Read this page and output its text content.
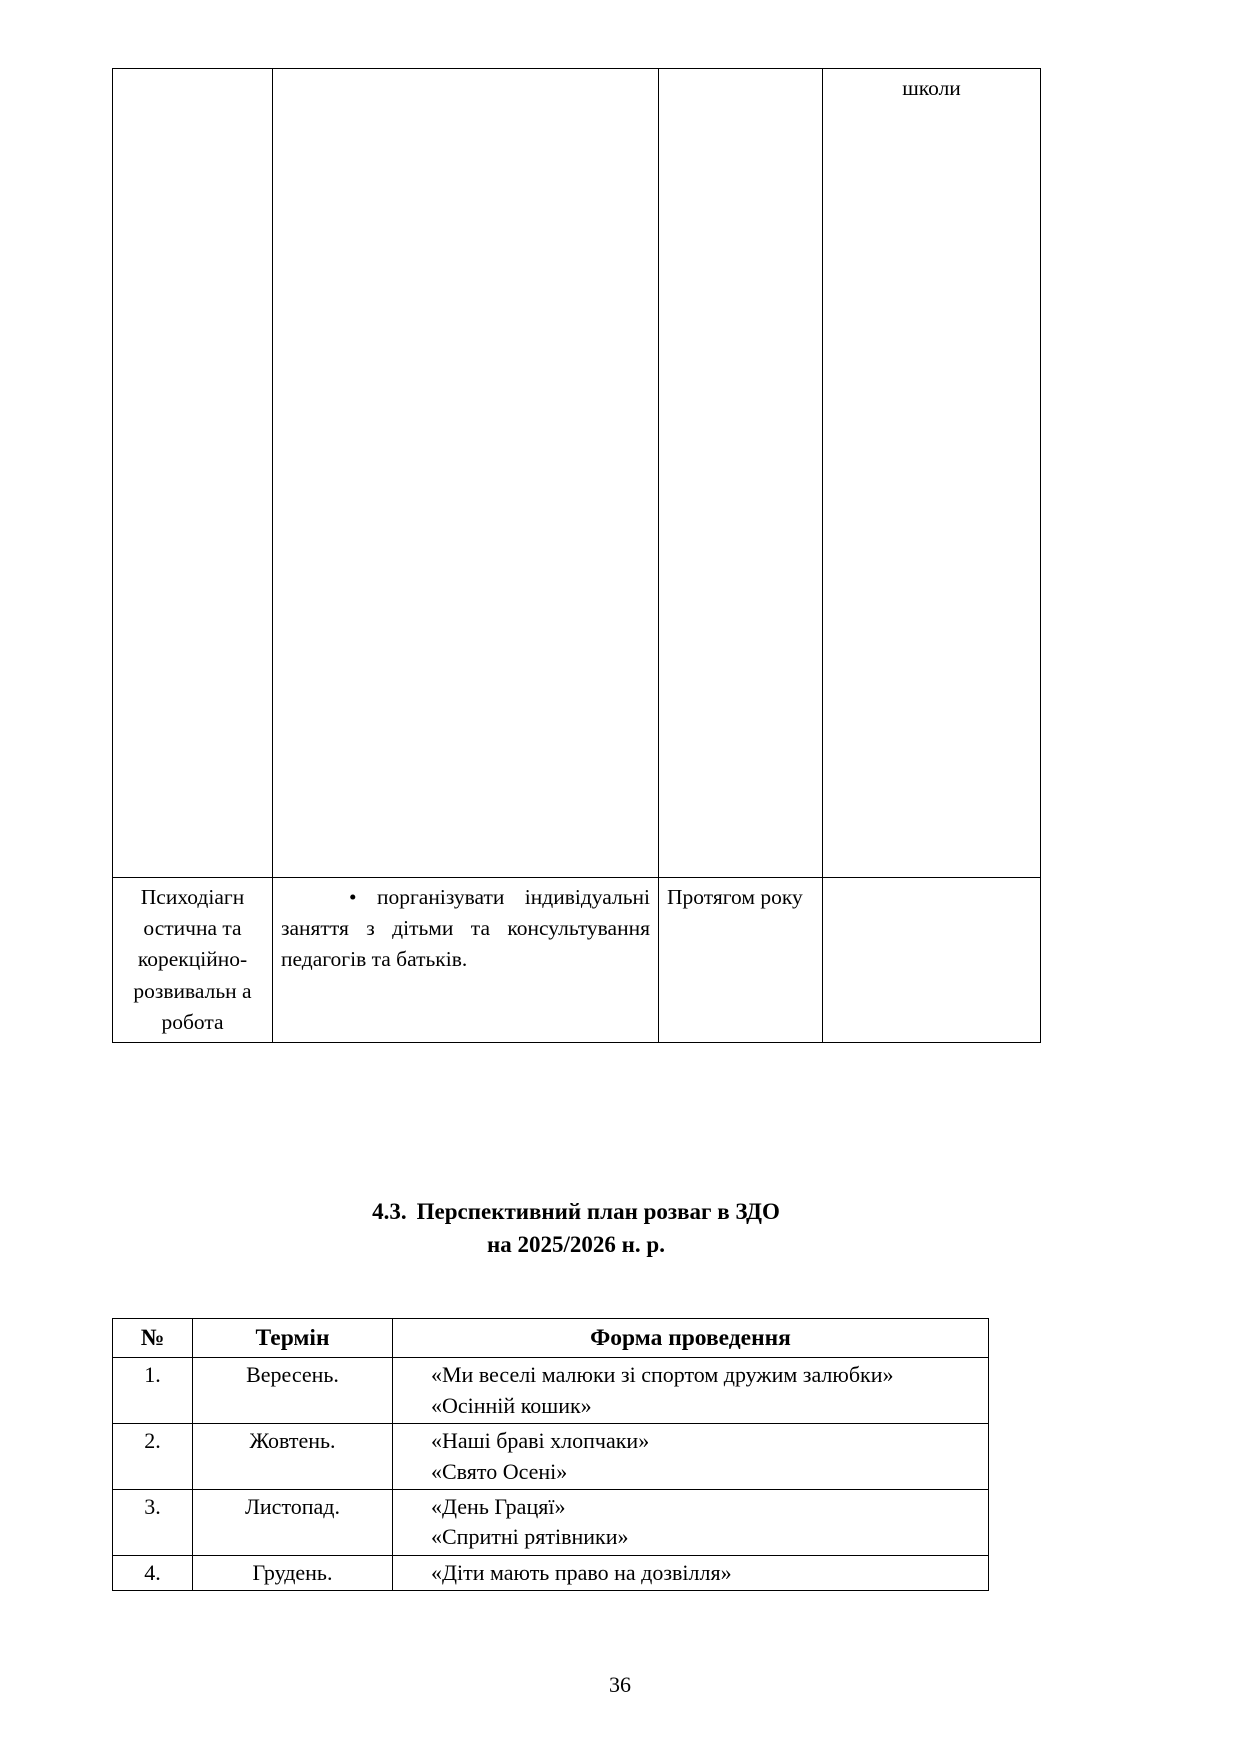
			школи
Психодіагн остична та корекційно-розвивальн а робота	• порганізувати індивідуальні заняття з дітьми та консультування педагогів та батьків.	Протягом року	
4.3. Перспективний план розваг в ЗДО
на 2025/2026 н. р.
№	Термін	Форма проведення
1.	Вересень.	«Ми веселі малюки зі спортом дружим залюбки»
«Осінній кошик»

2.	Жовтень.	«Наші браві хлопчаки»
«Свято Осені»

3.	Листопад.	«День Грацяї»
«Спритні рятівники»

4.	Грудень.	«Діти мають право на дозвілля»
36
